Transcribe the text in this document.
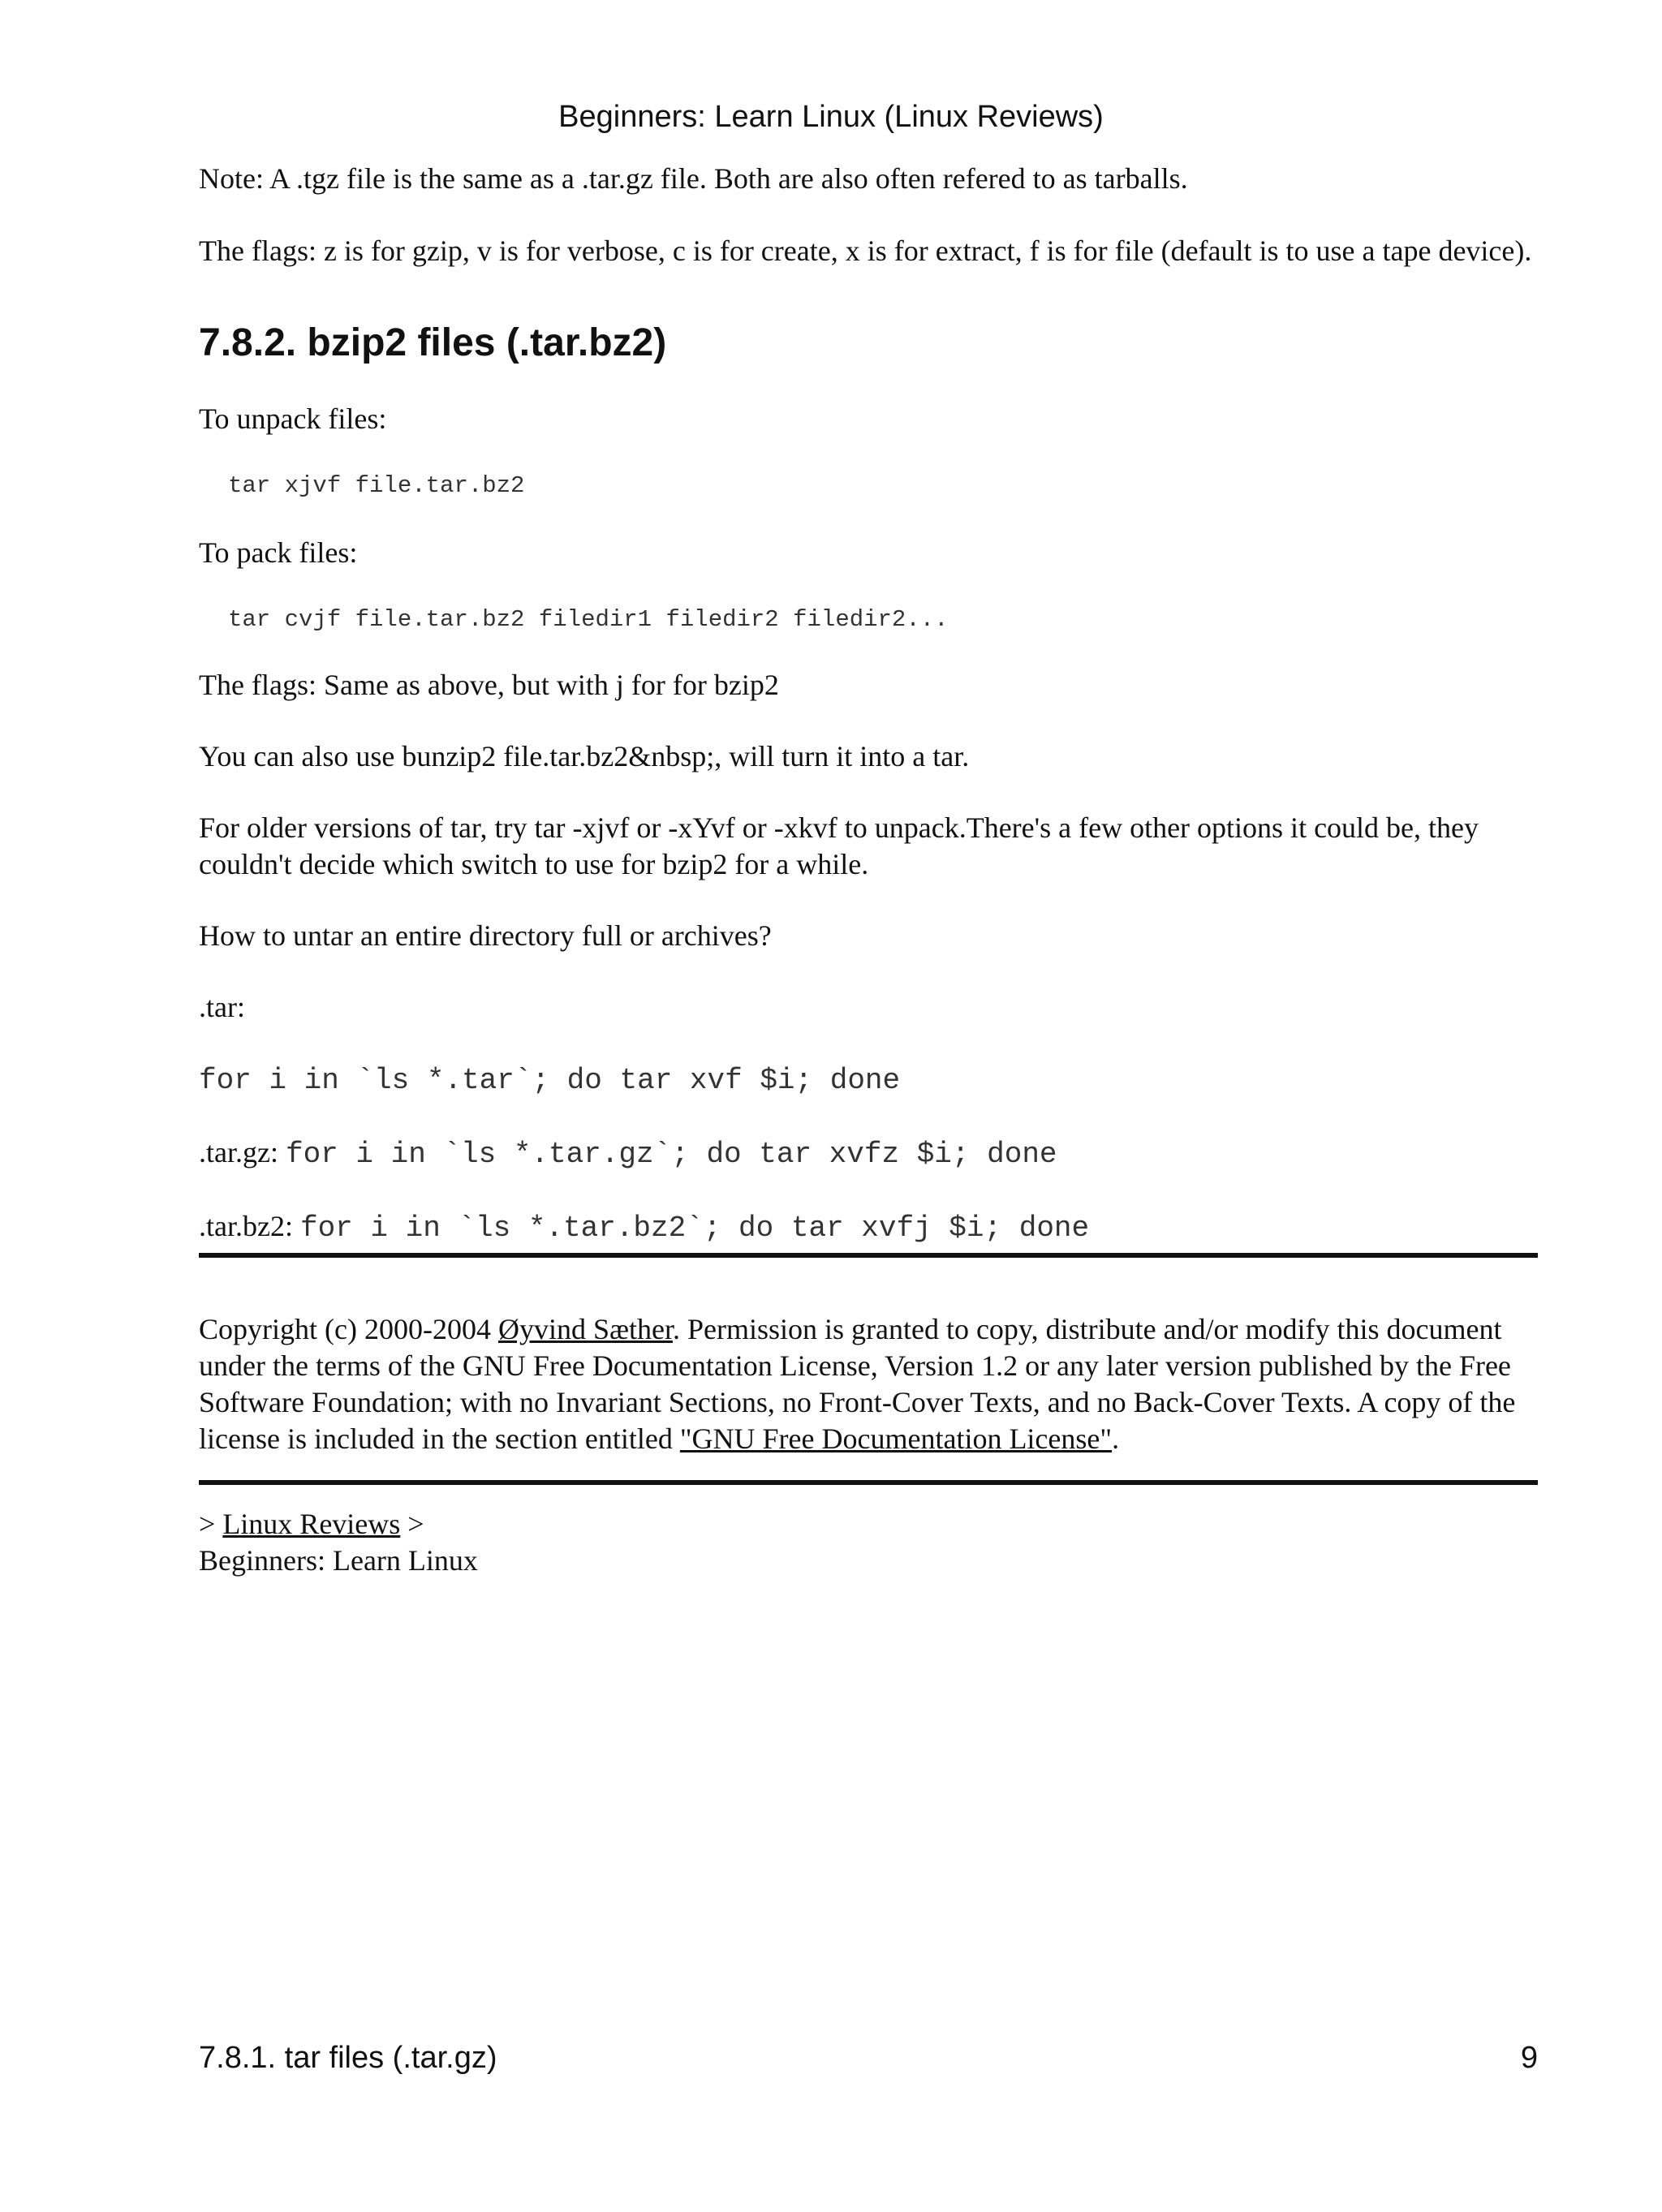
Beginners: Learn Linux (Linux Reviews)

Note: A .tgz file is the same as a .tar.gz file. Both are also often refered to as tarballs.

The flags: z is for gzip, v is for verbose, c is for create, x is for extract, f is for file (default is to use a tape device).

7.8.2. bzip2 files (.tar.bz2)

To unpack files:

tar xjvf file.tar.bz2

To pack files:

tar cvjf file.tar.bz2 filedir1 filedir2 filedir2...

The flags: Same as above, but with j for for bzip2

You can also use bunzip2 file.tar.bz2&nbsp;, will turn it into a tar.

For older versions of tar, try tar -xjvf or -xYvf or -xkvf to unpack.There's a few other options it could be, they couldn't decide which switch to use for bzip2 for a while.

How to untar an entire directory full or archives?

.tar:

for i in `ls *.tar`; do tar xvf $i; done

.tar.gz: for i in `ls *.tar.gz`; do tar xvfz $i; done

.tar.bz2: for i in `ls *.tar.bz2`; do tar xvfj $i; done

Copyright (c) 2000-2004 Øyvind Sæther. Permission is granted to copy, distribute and/or modify this document under the terms of the GNU Free Documentation License, Version 1.2 or any later version published by the Free Software Foundation; with no Invariant Sections, no Front-Cover Texts, and no Back-Cover Texts. A copy of the license is included in the section entitled "GNU Free Documentation License".

> Linux Reviews >
Beginners: Learn Linux

7.8.1. tar files (.tar.gz)	9
